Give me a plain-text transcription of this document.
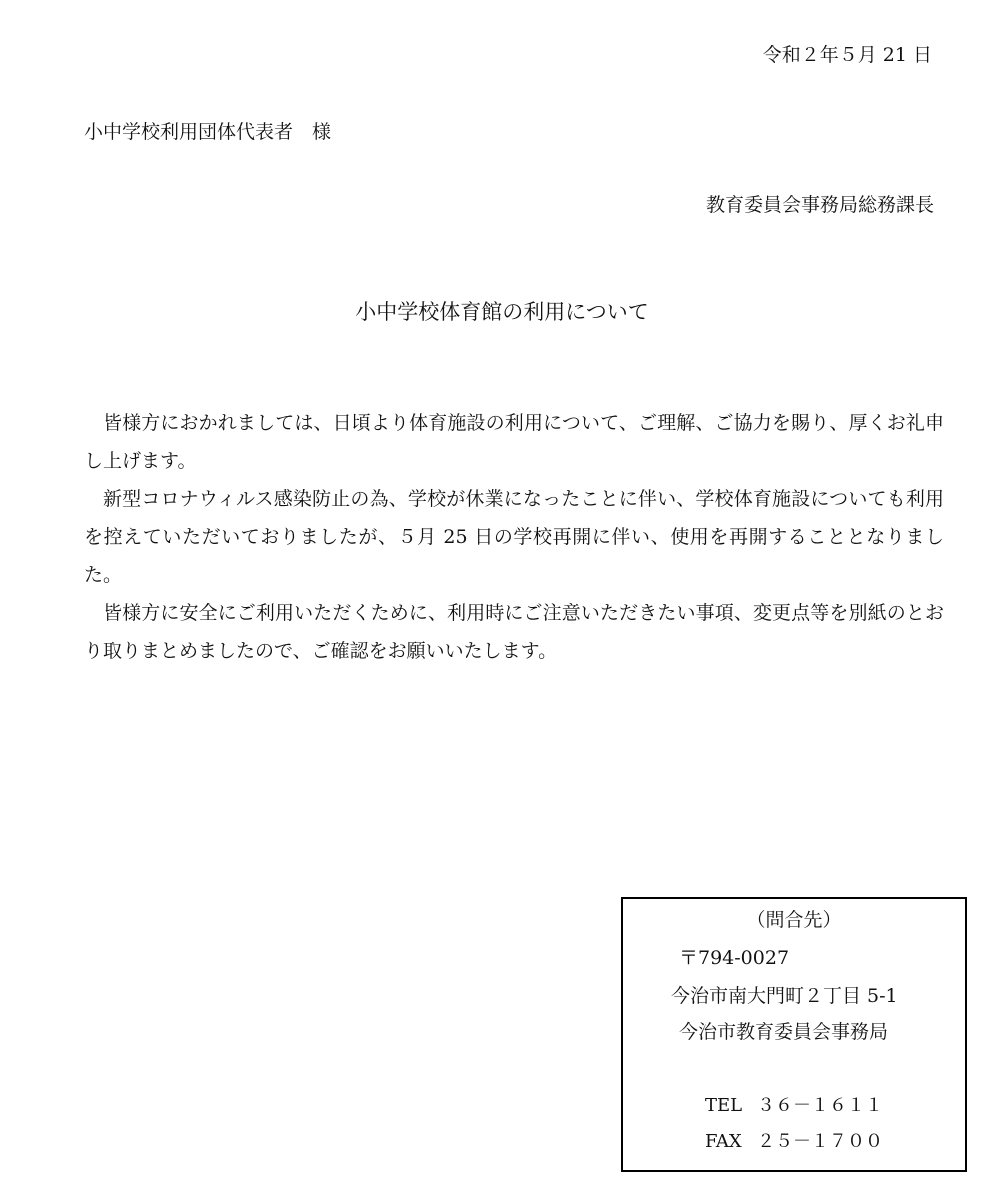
令和２年５月 21 日
小中学校利用団体代表者　様
教育委員会事務局総務課長
小中学校体育館の利用について

皆様方におかれましては、日頃より体育施設の利用について、ご理解、ご協力を賜り、厚くお礼申し上げます。

新型コロナウィルス感染防止の為、学校が休業になったことに伴い、学校体育施設についても利用を控えていただいておりましたが、５月 25 日の学校再開に伴い、使用を再開することとなりました。

皆様方に安全にご利用いただくために、利用時にご注意いただきたい事項、変更点等を別紙のとおり取りまとめましたので、ご確認をお願いいたします。

（問合先）
〒794-0027
今治市南大門町２丁目 5-1
今治市教育委員会事務局
TEL ３６－１６１１
FAX ２５－１７００
